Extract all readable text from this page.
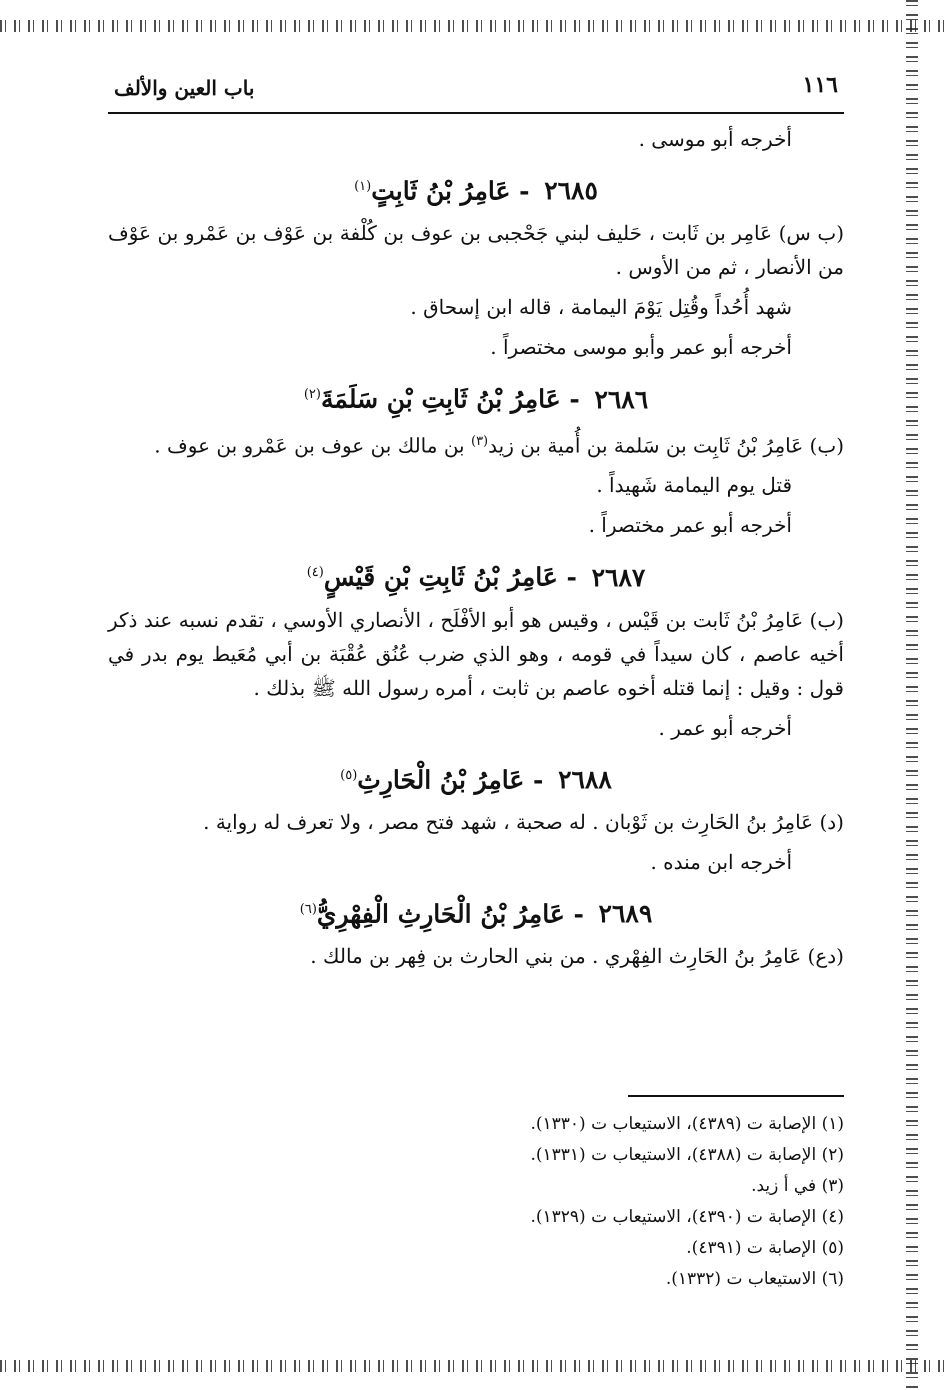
١١٦
باب العين والألف

أخرجه أبو موسى .

٢٦٨٥ - عَامِرُ بْنُ ثَابِتٍ$^{(١)}$

(ب س) عَامِر بن ثَابت ، حَليف لبني جَحْجبى بن عوف بن كُلْفة بن عَوْف بن عَمْرو بن عَوْف من الأنصار ، ثم من الأوس .

شهد أُحُداً وقُتِل يَوْمَ اليمامة ، قاله ابن إسحاق .

أخرجه أبو عمر وأبو موسى مختصراً .

٢٦٨٦ - عَامِرُ بْنُ ثَابِتِ بْنِ سَلَمَةَ$^{(٢)}$

(ب) عَامِرُ بْنُ ثَابِت بن سَلمة بن أُمية بن زيد$^{(٣)}$ بن مالك بن عوف بن عَمْرو بن عوف .

قتل يوم اليمامة شَهيداً .

أخرجه أبو عمر مختصراً .

٢٦٨٧ - عَامِرُ بْنُ ثَابِتِ بْنِ قَيْسٍ$^{(٤)}$

(ب) عَامِرُ بْنُ ثَابت بن قَيْس ، وقيس هو أبو الأفْلَح ، الأنصاري الأوسي ، تقدم نسبه عند ذكر أخيه عاصم ، كان سيداً في قومه ، وهو الذي ضرب عُنُق عُقْبَة بن أبي مُعَيط يوم بدر في قول : وقيل : إنما قتله أخوه عاصم بن ثابت ، أمره رسول الله ﷺ بذلك .

أخرجه أبو عمر .

٢٦٨٨ - عَامِرُ بْنُ الْحَارِثِ$^{(٥)}$

(د) عَامِرُ بنُ الحَارِث بن ثَوْبان . له صحبة ، شهد فتح مصر ، ولا تعرف له رواية .

أخرجه ابن منده .

٢٦٨٩ - عَامِرُ بْنُ الْحَارِثِ الْفِهْرِيُّ$^{(٦)}$

(دع) عَامِرُ بنُ الحَارِث الفِهْري . من بني الحارث بن فِهر بن مالك .

(١) الإصابة ت (٤٣٨٩)، الاستيعاب ت (١٣٣٠).
(٢) الإصابة ت (٤٣٨٨)، الاستيعاب ت (١٣٣١).
(٣) في أ زيد.
(٤) الإصابة ت (٤٣٩٠)، الاستيعاب ت (١٣٢٩).
(٥) الإصابة ت (٤٣٩١).
(٦) الاستيعاب ت (١٣٣٢).
